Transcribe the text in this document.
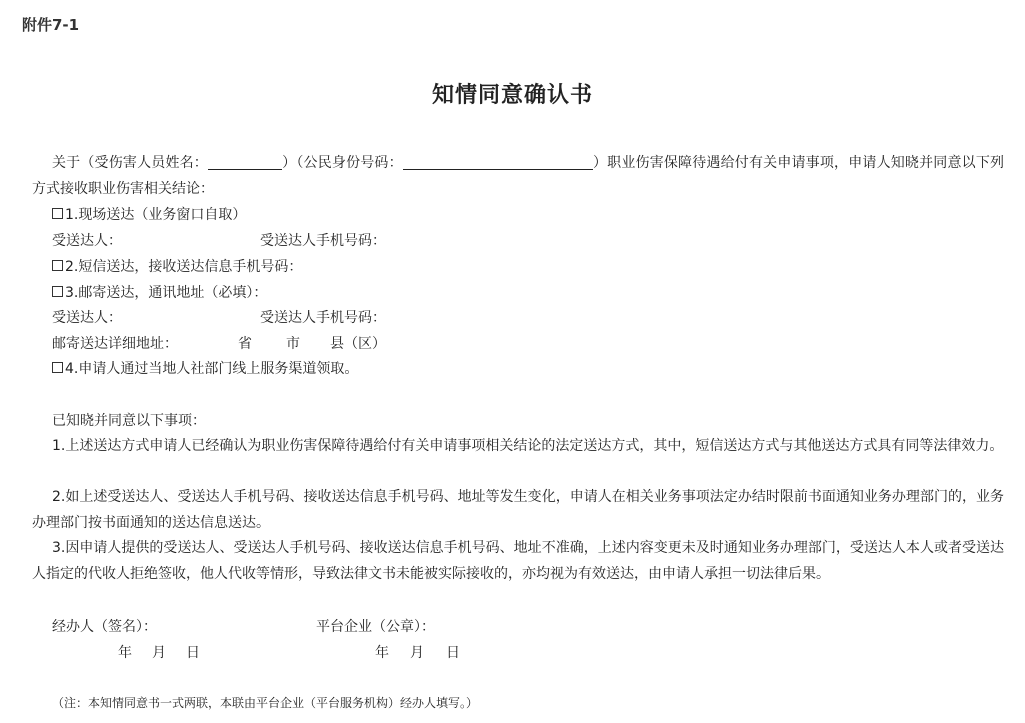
附件7-1
知情同意确认书
关于（受伤害人员姓名：	）（公民身份号码：	）职业伤害保障待遇给付有关申请事项，申请人知晓并同意以下列方式接收职业伤害相关结论：
1.现场送达（业务窗口自取）
受送达人：	受送达人手机号码：
2.短信送达，接收送达信息手机号码：
3.邮寄送达，通讯地址（必填）：
受送达人：	受送达人手机号码：
邮寄送达详细地址：	省 市 县（区）
4.申请人通过当地人社部门线上服务渠道领取。
已知晓并同意以下事项：
1.上述送达方式申请人已经确认为职业伤害保障待遇给付有关申请事项相关结论的法定送达方式，其中，短信送达方式与其他送达方式具有同等法律效力。
2.如上述受送达人、受送达人手机号码、接收送达信息手机号码、地址等发生变化，申请人在相关业务事项法定办结时限前书面通知业务办理部门的，业务办理部门按书面通知的送达信息送达。
3.因申请人提供的受送达人、受送达人手机号码、接收送达信息手机号码、地址不准确，上述内容变更未及时通知业务办理部门，受送达人本人或者受送达人指定的代收人拒绝签收，他人代收等情形，导致法律文书未能被实际接收的，亦均视为有效送达，由申请人承担一切法律后果。
经办人（签名）：	平台企业（公章）：
年 月 日	年 月 日
（注：本知情同意书一式两联，本联由平台企业（平台服务机构）经办人填写。）
